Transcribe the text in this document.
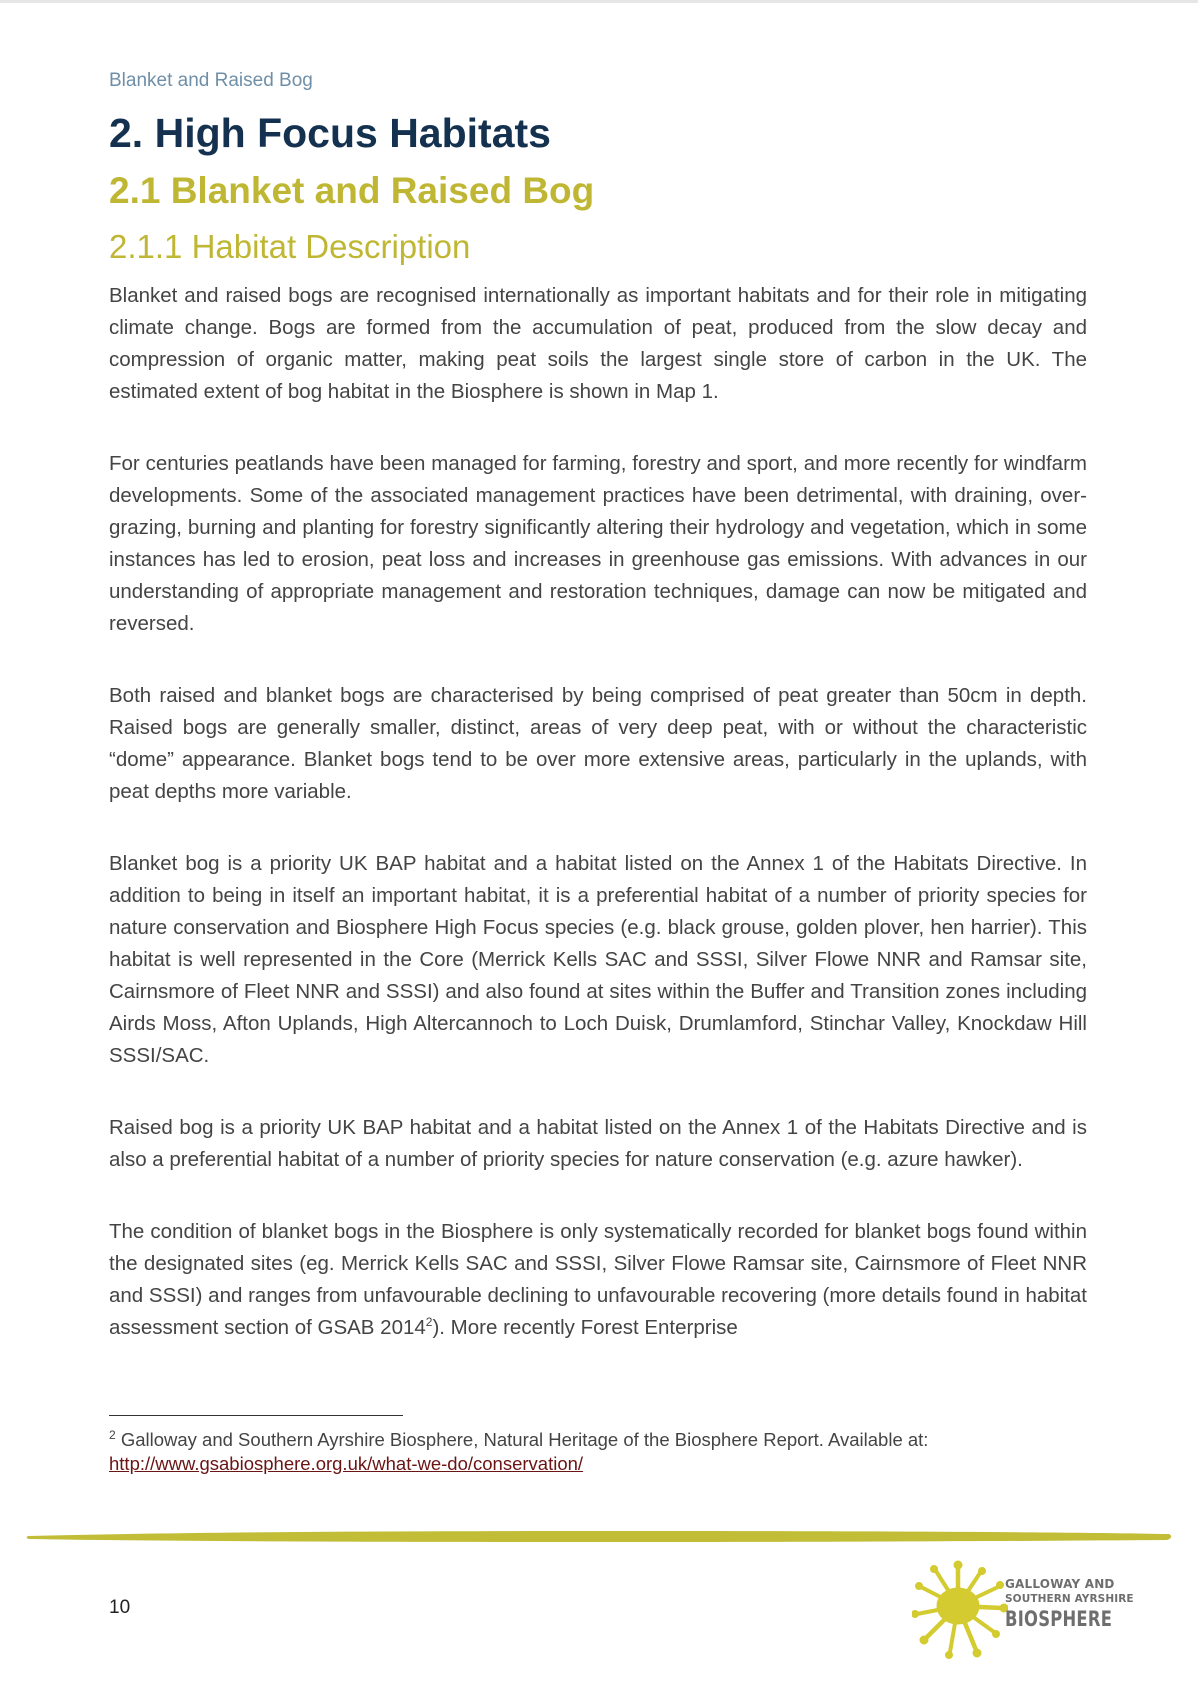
Blanket and Raised Bog
2. High Focus Habitats
2.1 Blanket and Raised Bog
2.1.1 Habitat Description

Blanket and raised bogs are recognised internationally as important habitats and for their role in mitigating climate change. Bogs are formed from the accumulation of peat, produced from the slow decay and compression of organic matter, making peat soils the largest single store of carbon in the UK. The estimated extent of bog habitat in the Biosphere is shown in Map 1.

For centuries peatlands have been managed for farming, forestry and sport, and more recently for windfarm developments. Some of the associated management practices have been detrimental, with draining, over-grazing, burning and planting for forestry significantly altering their hydrology and vegetation, which in some instances has led to erosion, peat loss and increases in greenhouse gas emissions. With advances in our understanding of appropriate management and restoration techniques, damage can now be mitigated and reversed.

Both raised and blanket bogs are characterised by being comprised of peat greater than 50cm in depth. Raised bogs are generally smaller, distinct, areas of very deep peat, with or without the characteristic “dome” appearance. Blanket bogs tend to be over more extensive areas, particularly in the uplands, with peat depths more variable.

Blanket bog is a priority UK BAP habitat and a habitat listed on the Annex 1 of the Habitats Directive. In addition to being in itself an important habitat, it is a preferential habitat of a number of priority species for nature conservation and Biosphere High Focus species (e.g. black grouse, golden plover, hen harrier). This habitat is well represented in the Core (Merrick Kells SAC and SSSI, Silver Flowe NNR and Ramsar site, Cairnsmore of Fleet NNR and SSSI) and also found at sites within the Buffer and Transition zones including Airds Moss, Afton Uplands, High Altercannoch to Loch Duisk, Drumlamford, Stinchar Valley, Knockdaw Hill SSSI/SAC.

Raised bog is a priority UK BAP habitat and a habitat listed on the Annex 1 of the Habitats Directive and is also a preferential habitat of a number of priority species for nature conservation (e.g. azure hawker).

The condition of blanket bogs in the Biosphere is only systematically recorded for blanket bogs found within the designated sites (eg. Merrick Kells SAC and SSSI, Silver Flowe Ramsar site, Cairnsmore of Fleet NNR and SSSI) and ranges from unfavourable declining to unfavourable recovering (more details found in habitat assessment section of GSAB 2014$^2$). More recently Forest Enterprise

$^2$ Galloway and Southern Ayrshire Biosphere, Natural Heritage of the Biosphere Report. Available at:
http://www.gsabiosphere.org.uk/what-we-do/conservation/
10
GALLOWAY AND
SOUTHERN AYRSHIRE
BIOSPHERE
